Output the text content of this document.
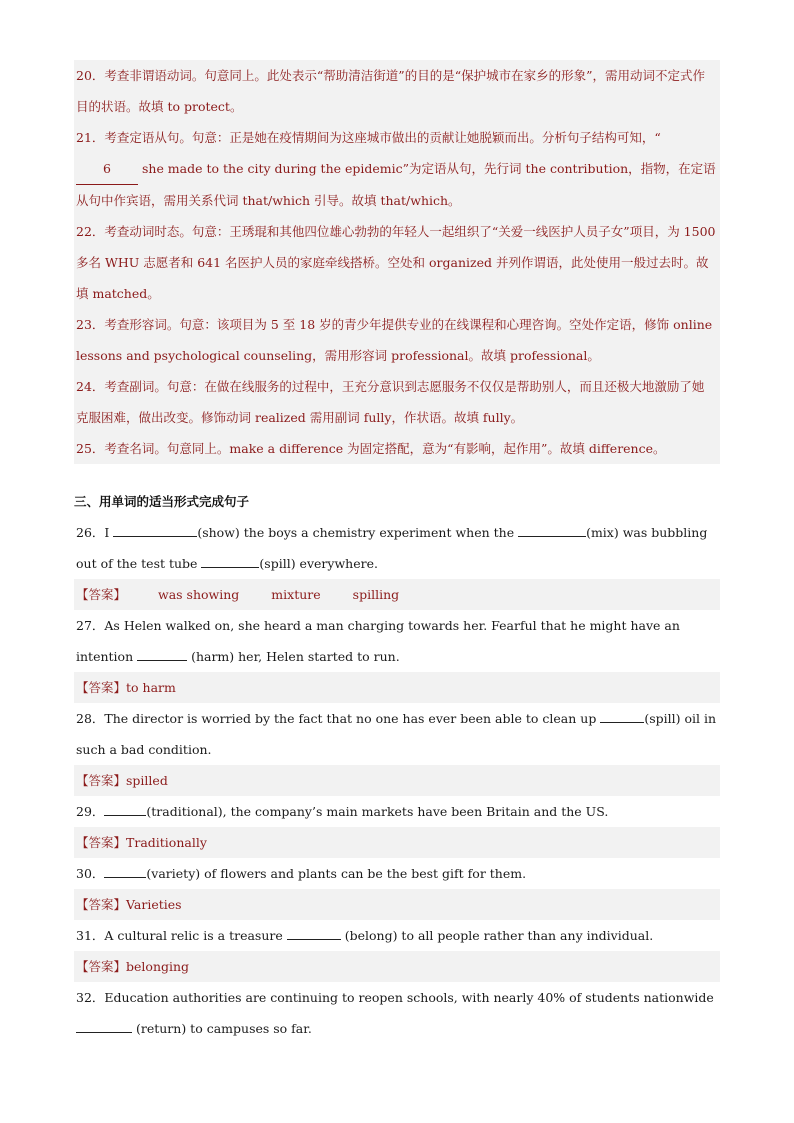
20．考查非谓语动词。句意同上。此处表示“帮助清洁街道”的目的是“保护城市在家乡的形象”，需用动词不定式作目的状语。故填 to protect。
21．考查定语从句。句意：正是她在疫情期间为这座城市做出的贡献让她脱颖而出。分析句子结构可知，“6 she made to the city during the epidemic”为定语从句，先行词 the contribution，指物，在定语从句中作宾语，需用关系代词 that/which 引导。故填 that/which。
22．考查动词时态。句意：王琇琨和其他四位雄心勃勃的年轻人一起组织了“关爱一线医护人员子女”项目，为 1500 多名 WHU 志愿者和 641 名医护人员的家庭牵线搭桥。空处和 organized 并列作谓语，此处使用一般过去时。故填 matched。
23．考查形容词。句意：该项目为 5 至 18 岁的青少年提供专业的在线课程和心理咨询。空处作定语，修饰 online lessons and psychological counseling，需用形容词 professional。故填 professional。
24．考查副词。句意：在做在线服务的过程中，王充分意识到志愿服务不仅仅是帮助别人，而且还极大地激励了她克服困难，做出改变。修饰动词 realized 需用副词 fully，作状语。故填 fully。
25．考查名词。句意同上。make a difference 为固定搭配，意为“有影响，起作用”。故填 difference。

三、用单词的适当形式完成句子

26．I	(show) the boys a chemistry experiment when the	(mix) was bubbling out of the test tube	(spill) everywhere.

【答案】	was showing	mixture	spilling

27．As Helen walked on, she heard a man charging towards her. Fearful that he might have an intention	(harm) her, Helen started to run.

【答案】to harm

28．The director is worried by the fact that no one has ever been able to clean up	(spill) oil in such a bad condition.

【答案】spilled

29．	(traditional), the company’s main markets have been Britain and the US.

【答案】Traditionally

30．	(variety) of flowers and plants can be the best gift for them.

【答案】Varieties

31．A cultural relic is a treasure	(belong) to all people rather than any individual.

【答案】belonging

32．Education authorities are continuing to reopen schools, with nearly 40% of students nationwide  (return) to campuses so far.
